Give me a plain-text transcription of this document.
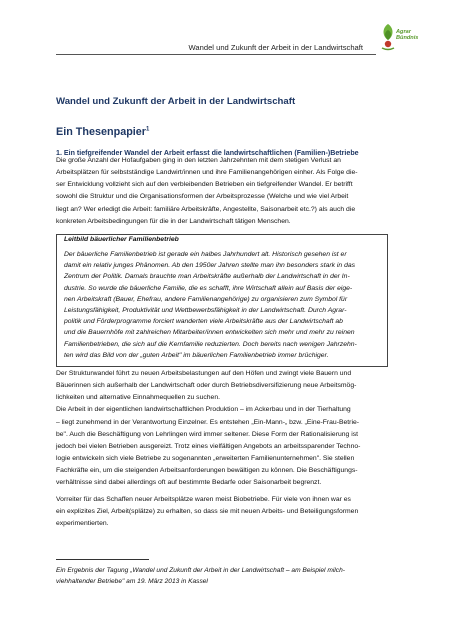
Wandel und Zukunft der Arbeit in der Landwirtschaft
Agrar
Bündnis
Wandel und Zukunft der Arbeit in der Landwirtschaft
Ein Thesenpapier$^1$
1. Ein tiefgreifender Wandel der Arbeit erfasst die landwirtschaftlichen (Familien-)Betriebe
Die große Anzahl der Hofaufgaben ging in den letzten Jahrzehnten mit dem stetigen Verlust an
Arbeitsplätzen für selbstständige Landwirt/innen und ihre Familienangehörigen einher. Als Folge die-
ser Entwicklung vollzieht sich auf den verbleibenden Betrieben ein tiefgreifender Wandel. Er betrifft
sowohl die Struktur und die Organisationsformen der Arbeitsprozesse (Welche und wie viel Arbeit
liegt an? Wer erledigt die Arbeit: familiäre Arbeitskräfte, Angestellte, Saisonarbeit etc.?) als auch die
konkreten Arbeitsbedingungen für die in der Landwirtschaft tätigen Menschen.
Leitbild bäuerlicher Familienbetrieb
Der bäuerliche Familienbetrieb ist gerade ein halbes Jahrhundert alt. Historisch gesehen ist er
damit ein relativ junges Phänomen. Ab den 1950er Jahren stellte man ihn besonders stark in das
Zentrum der Politik. Damals brauchte man Arbeitskräfte außerhalb der Landwirtschaft in der In-
dustrie. So wurde die bäuerliche Familie, die es schafft, ihre Wirtschaft allein auf Basis der eige-
nen Arbeitskraft (Bauer, Ehefrau, andere Familienangehörige) zu organisieren zum Symbol für
Leistungsfähigkeit, Produktivität und Wettbewerbsfähigkeit in der Landwirtschaft. Durch Agrar-
politik und Förderprogramme forciert wanderten viele Arbeitskräfte aus der Landwirtschaft ab
und die Bauernhöfe mit zahlreichen Mitarbeiter/innen entwickelten sich mehr und mehr zu reinen
Familienbetrieben, die sich auf die Kernfamilie reduzierten. Doch bereits nach wenigen Jahrzehn-
ten wird das Bild von der „guten Arbeit" im bäuerlichen Familienbetrieb immer brüchiger.
Der Strukturwandel führt zu neuen Arbeitsbelastungen auf den Höfen und zwingt viele Bauern und
Bäuerinnen sich außerhalb der Landwirtschaft oder durch Betriebsdiversifizierung neue Arbeitsmög-
lichkeiten und alternative Einnahmequellen zu suchen.
Die Arbeit in der eigentlichen landwirtschaftlichen Produktion – im Ackerbau und in der Tierhaltung
– liegt zunehmend in der Verantwortung Einzelner. Es entstehen „Ein-Mann-„ bzw. „Eine-Frau-Betrie-
be". Auch die Beschäftigung von Lehrlingen wird immer seltener. Diese Form der Rationalisierung ist
jedoch bei vielen Betrieben ausgereizt. Trotz eines vielfältigen Angebots an arbeitssparender Techno-
logie entwickeln sich viele Betriebe zu sogenannten „erweiterten Familienunternehmen". Sie stellen
Fachkräfte ein, um die steigenden Arbeitsanforderungen bewältigen zu können. Die Beschäftigungs-
verhältnisse sind dabei allerdings oft auf bestimmte Bedarfe oder Saisonarbeit begrenzt.
Vorreiter für das Schaffen neuer Arbeitsplätze waren meist Biobetriebe. Für viele von ihnen war es
ein explizites Ziel, Arbeit(splätze) zu erhalten, so dass sie mit neuen Arbeits- und Beteiligungsformen
experimentierten.
Ein Ergebnis der Tagung „Wandel und Zukunft der Arbeit in der Landwirtschaft – am Beispiel milch-
viehhaltender Betriebe" am 19. März 2013 in Kassel
